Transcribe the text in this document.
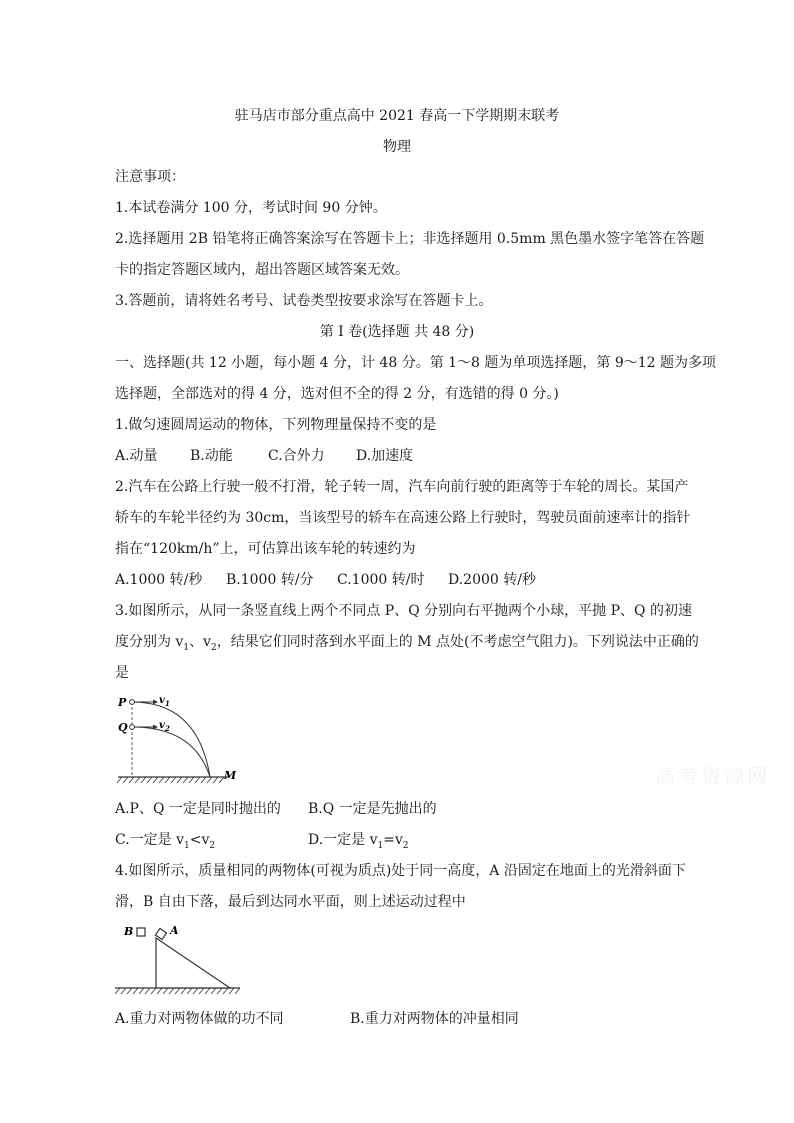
驻马店市部分重点高中 2021 春高一下学期期末联考
物理
注意事项：
1.本试卷满分 100 分，考试时间 90 分钟。
2.选择题用 2B 铅笔将正确答案涂写在答题卡上；非选择题用 0.5mm 黑色墨水签字笔答在答题
卡的指定答题区域内，超出答题区域答案无效。
3.答题前，请将姓名考号、试卷类型按要求涂写在答题卡上。
第 I 卷(选择题 共 48 分)
一、选择题(共 12 小题，每小题 4 分，计 48 分。第 1～8 题为单项选择题，第 9～12 题为多项
选择题，全部选对的得 4 分，选对但不全的得 2 分，有选错的得 0 分。)
1.做匀速圆周运动的物体，下列物理量保持不变的是
A.动量 B.动能	C.合外力 D.加速度
2.汽车在公路上行驶一般不打滑，轮子转一周，汽车向前行驶的距离等于车轮的周长。某国产
轿车的车轮半径约为 30cm，当该型号的轿车在高速公路上行驶时，驾驶员面前速率计的指针
指在“120km/h”上，可估算出该车轮的转速约为
A.1000 转/秒 B.1000 转/分 C.1000 转/时 D.2000 转/秒
3.如图所示，从同一条竖直线上两个不同点 P、Q 分别向右平抛两个小球，平抛 P、Q 的初速
度分别为 $v_1$、$v_2$，结果它们同时落到水平面上的 M 点处(不考虑空气阻力)。下列说法中正确的
是
P
Q
v 1
v 2
M
A.P、Q 一定是同时抛出的 B.Q 一定是先抛出的
C.一定是 $v_1<v_2$	D.一定是 $v_1=v_2$
4.如图所示，质量相同的两物体(可视为质点)处于同一高度，A 沿固定在地面上的光滑斜面下
滑，B 自由下落，最后到达同水平面，则上述运动过程中
B	A
A.重力对两物体做的功不同	B.重力对两物体的冲量相同
高考资源网
